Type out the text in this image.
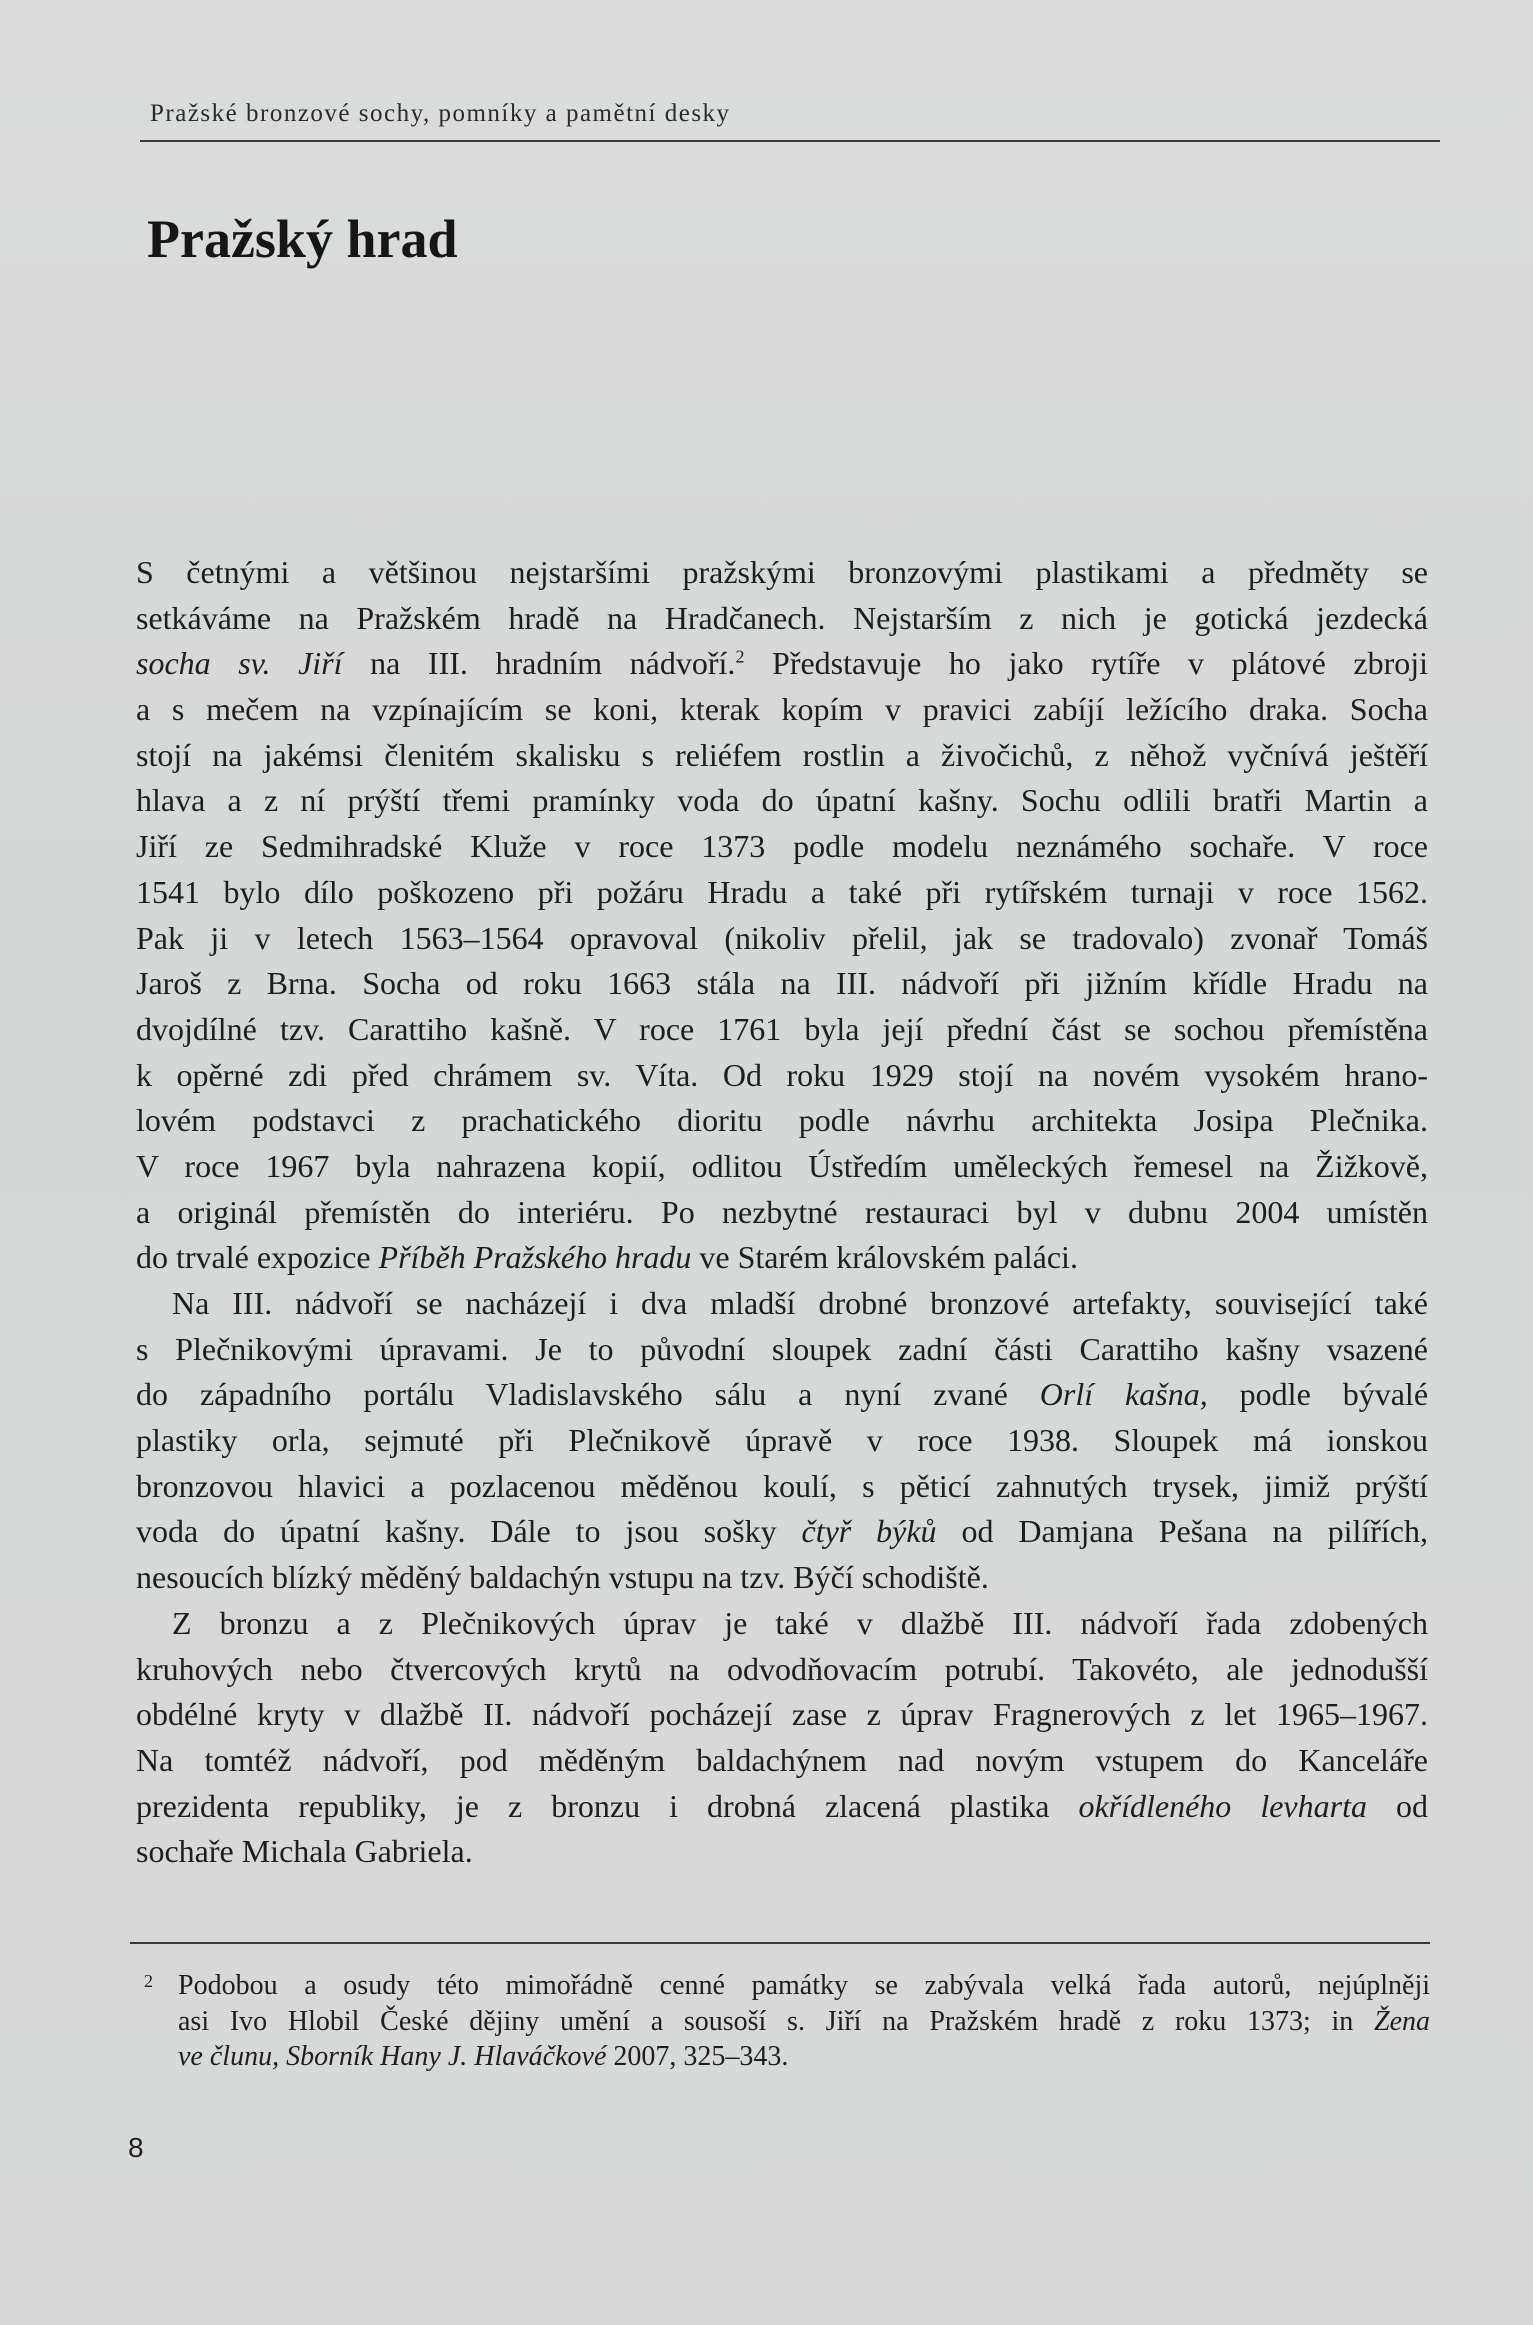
Pražské bronzové sochy, pomníky a pamětní desky
Pražský hrad
S četnými a většinou nejstaršími pražskými bronzovými plastikami a předměty se
setkáváme na Pražském hradě na Hradčanech. Nejstarším z nich je gotická jezdecká
socha sv. Jiří na III. hradním nádvoří.$^2$ Představuje ho jako rytíře v plátové zbroji
a s mečem na vzpínajícím se koni, kterak kopím v pravici zabíjí ležícího draka. Socha
stojí na jakémsi členitém skalisku s reliéfem rostlin a živočichů, z něhož vyčnívá ještěří
hlava a z ní prýští třemi pramínky voda do úpatní kašny. Sochu odlili bratři Martin a
Jiří ze Sedmihradské Kluže v roce 1373 podle modelu neznámého sochaře. V roce
1541 bylo dílo poškozeno při požáru Hradu a také při rytířském turnaji v roce 1562.
Pak ji v letech 1563–1564 opravoval (nikoliv přelil, jak se tradovalo) zvonař Tomáš
Jaroš z Brna. Socha od roku 1663 stála na III. nádvoří při jižním křídle Hradu na
dvojdílné tzv. Carattiho kašně. V roce 1761 byla její přední část se sochou přemístěna
k opěrné zdi před chrámem sv. Víta. Od roku 1929 stojí na novém vysokém hrano-
lovém podstavci z prachatického dioritu podle návrhu architekta Josipa Plečnika.
V roce 1967 byla nahrazena kopií, odlitou Ústředím uměleckých řemesel na Žižkově,
a originál přemístěn do interiéru. Po nezbytné restauraci byl v dubnu 2004 umístěn
do trvalé expozice Příběh Pražského hradu ve Starém královském paláci.
Na III. nádvoří se nacházejí i dva mladší drobné bronzové artefakty, související také
s Plečnikovými úpravami. Je to původní sloupek zadní části Carattiho kašny vsazené
do západního portálu Vladislavského sálu a nyní zvané Orlí kašna, podle bývalé
plastiky orla, sejmuté při Plečnikově úpravě v roce 1938. Sloupek má ionskou
bronzovou hlavici a pozlacenou měděnou koulí, s pěticí zahnutých trysek, jimiž prýští
voda do úpatní kašny. Dále to jsou sošky čtyř býků od Damjana Pešana na pilířích,
nesoucích blízký měděný baldachýn vstupu na tzv. Býčí schodiště.
Z bronzu a z Plečnikových úprav je také v dlažbě III. nádvoří řada zdobených
kruhových nebo čtvercových krytů na odvodňovacím potrubí. Takovéto, ale jednodušší
obdélné kryty v dlažbě II. nádvoří pocházejí zase z úprav Fragnerových z let 1965–1967.
Na tomtéž nádvoří, pod měděným baldachýnem nad novým vstupem do Kanceláře
prezidenta republiky, je z bronzu i drobná zlacená plastika okřídleného levharta od
sochaře Michala Gabriela.
2 Podobou a osudy této mimořádně cenné památky se zabývala velká řada autorů, nejúplněji
asi Ivo Hlobil České dějiny umění a sousoší s. Jiří na Pražském hradě z roku 1373; in Žena
ve člunu, Sborník Hany J. Hlaváčkové 2007, 325–343.
8
